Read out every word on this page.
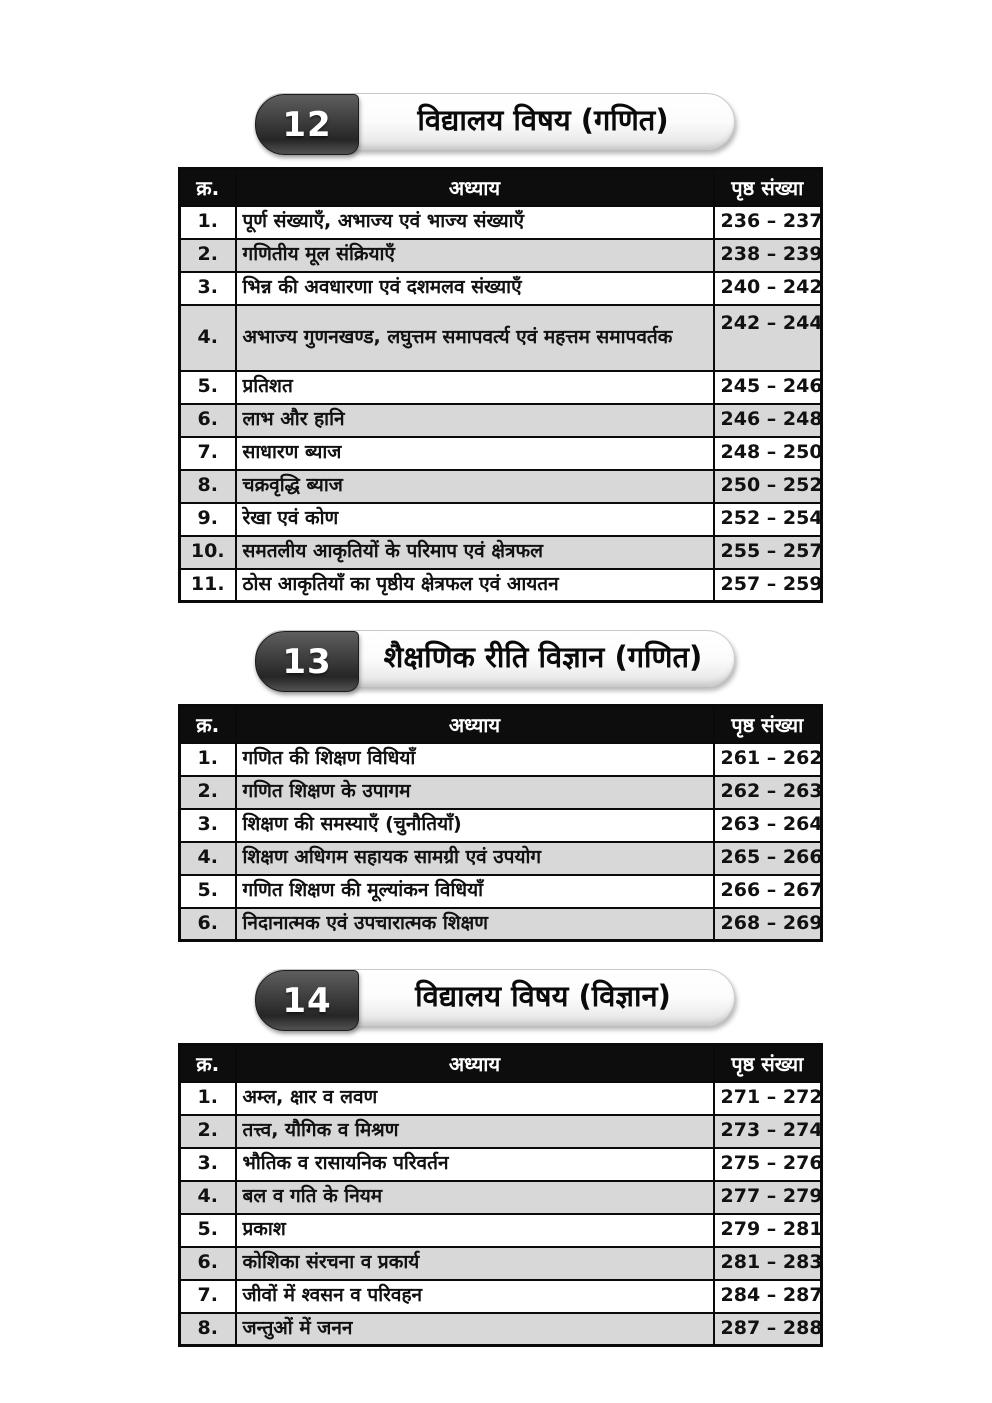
12	विद्यालय विषय (गणित)
क्र.	अध्याय	पृष्ठ संख्या
1.	पूर्ण संख्याएँ, अभाज्य एवं भाज्य संख्याएँ	236 – 237
2.	गणितीय मूल संक्रियाएँ	238 – 239
3.	भिन्न की अवधारणा एवं दशमलव संख्याएँ	240 – 242
4.	अभाज्य गुणनखण्ड, लघुत्तम समापवर्त्य एवं महत्तम समापवर्तक	242 – 244
5.	प्रतिशत	245 – 246
6.	लाभ और हानि	246 – 248
7.	साधारण ब्याज	248 – 250
8.	चक्रवृद्धि ब्याज	250 – 252
9.	रेखा एवं कोण	252 – 254
10.	समतलीय आकृतियों के परिमाप एवं क्षेत्रफल	255 – 257
11.	ठोस आकृतियाँ का पृष्ठीय क्षेत्रफल एवं आयतन	257 – 259
13	शैक्षणिक रीति विज्ञान (गणित)
क्र.	अध्याय	पृष्ठ संख्या
1.	गणित की शिक्षण विधियाँ	261 – 262
2.	गणित शिक्षण के उपागम	262 – 263
3.	शिक्षण की समस्याएँ (चुनौतियाँ)	263 – 264
4.	शिक्षण अधिगम सहायक सामग्री एवं उपयोग	265 – 266
5.	गणित शिक्षण की मूल्यांकन विधियाँ	266 – 267
6.	निदानात्मक एवं उपचारात्मक शिक्षण	268 – 269
14	विद्यालय विषय (विज्ञान)
क्र.	अध्याय	पृष्ठ संख्या
1.	अम्ल, क्षार व लवण	271 – 272
2.	तत्त्व, यौगिक व मिश्रण	273 – 274
3.	भौतिक व रासायनिक परिवर्तन	275 – 276
4.	बल व गति के नियम	277 – 279
5.	प्रकाश	279 – 281
6.	कोशिका संरचना व प्रकार्य	281 – 283
7.	जीवों में श्वसन व परिवहन	284 – 287
8.	जन्तुओं में जनन	287 – 288
